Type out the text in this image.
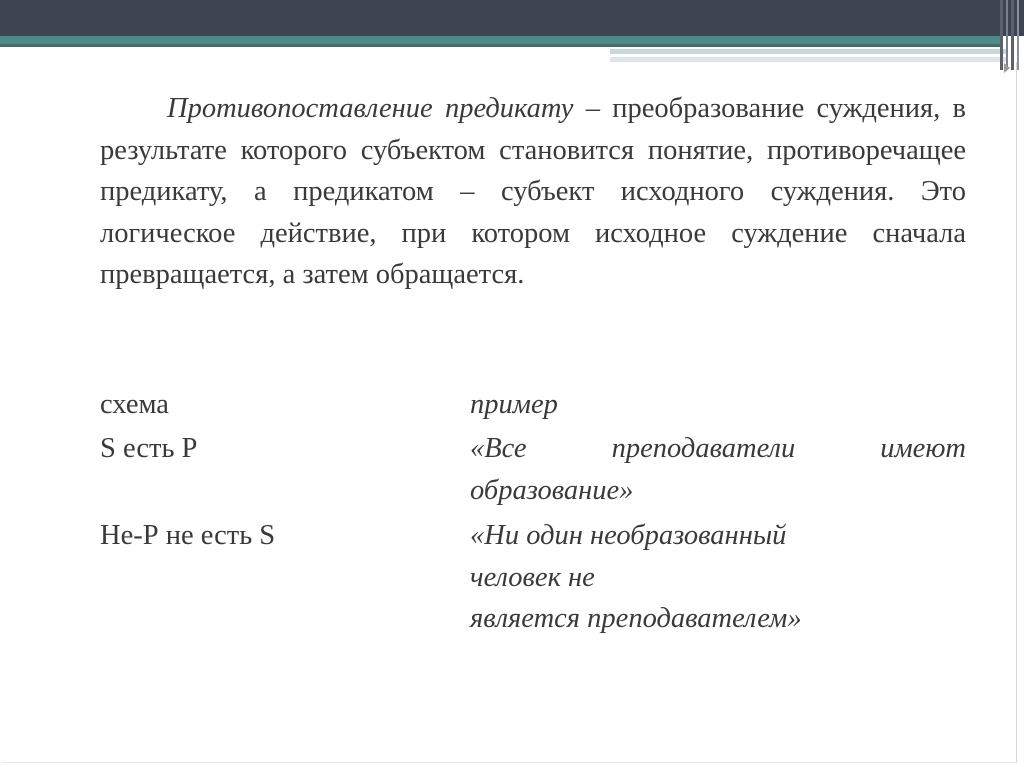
Противопоставление предикату – преобразование суждения, в результате которого субъектом становится понятие, противоречащее предикату, а предикатом – субъект исходного суждения. Это логическое действие, при котором исходное суждение сначала превращается, а затем обращается.

схема	пример

S есть P	«Все преподаватели имеют образование»

Не-Р не есть S	«Ни один необразованный
человек не
является преподавателем»
